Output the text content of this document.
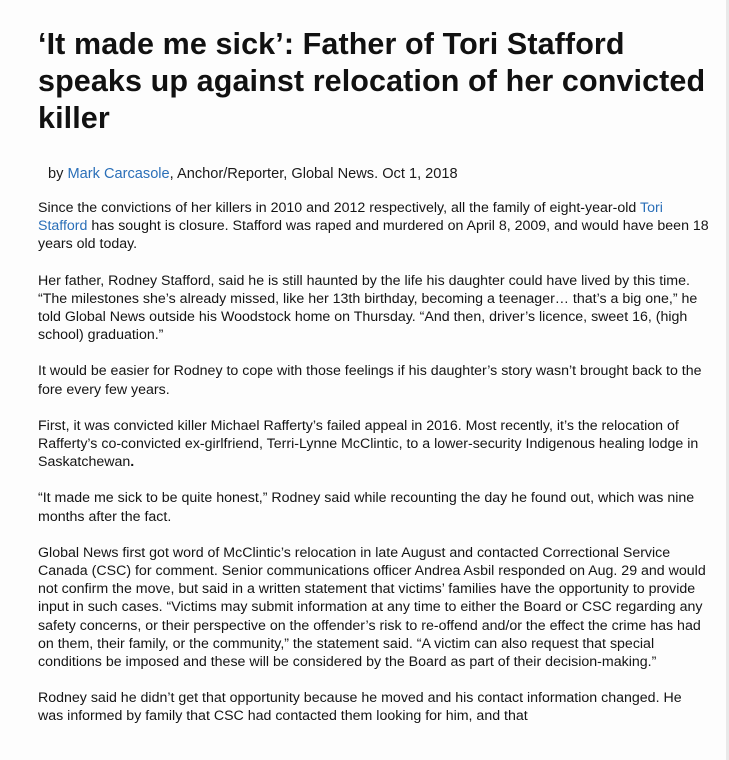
‘It made me sick’: Father of Tori Stafford speaks up against relocation of her convicted killer
by Mark Carcasole, Anchor/Reporter, Global News. Oct 1, 2018

Since the convictions of her killers in 2010 and 2012 respectively, all the family of eight-year-old Tori Stafford has sought is closure. Stafford was raped and murdered on April 8, 2009, and would have been 18 years old today.

Her father, Rodney Stafford, said he is still haunted by the life his daughter could have lived by this time. “The milestones she’s already missed, like her 13th birthday, becoming a teenager… that’s a big one,” he told Global News outside his Woodstock home on Thursday. “And then, driver’s licence, sweet 16, (high school) graduation.”

It would be easier for Rodney to cope with those feelings if his daughter’s story wasn’t brought back to the fore every few years.

First, it was convicted killer Michael Rafferty’s failed appeal in 2016. Most recently, it’s the relocation of Rafferty’s co-convicted ex-girlfriend, Terri-Lynne McClintic, to a lower-security Indigenous healing lodge in Saskatchewan.

“It made me sick to be quite honest,” Rodney said while recounting the day he found out, which was nine months after the fact.

Global News first got word of McClintic’s relocation in late August and contacted Correctional Service Canada (CSC) for comment. Senior communications officer Andrea Asbil responded on Aug. 29 and would not confirm the move, but said in a written statement that victims’ families have the opportunity to provide input in such cases. “Victims may submit information at any time to either the Board or CSC regarding any safety concerns, or their perspective on the offender’s risk to re-offend and/or the effect the crime has had on them, their family, or the community,” the statement said. “A victim can also request that special conditions be imposed and these will be considered by the Board as part of their decision-making.”

Rodney said he didn’t get that opportunity because he moved and his contact information changed. He was informed by family that CSC had contacted them looking for him, and that
